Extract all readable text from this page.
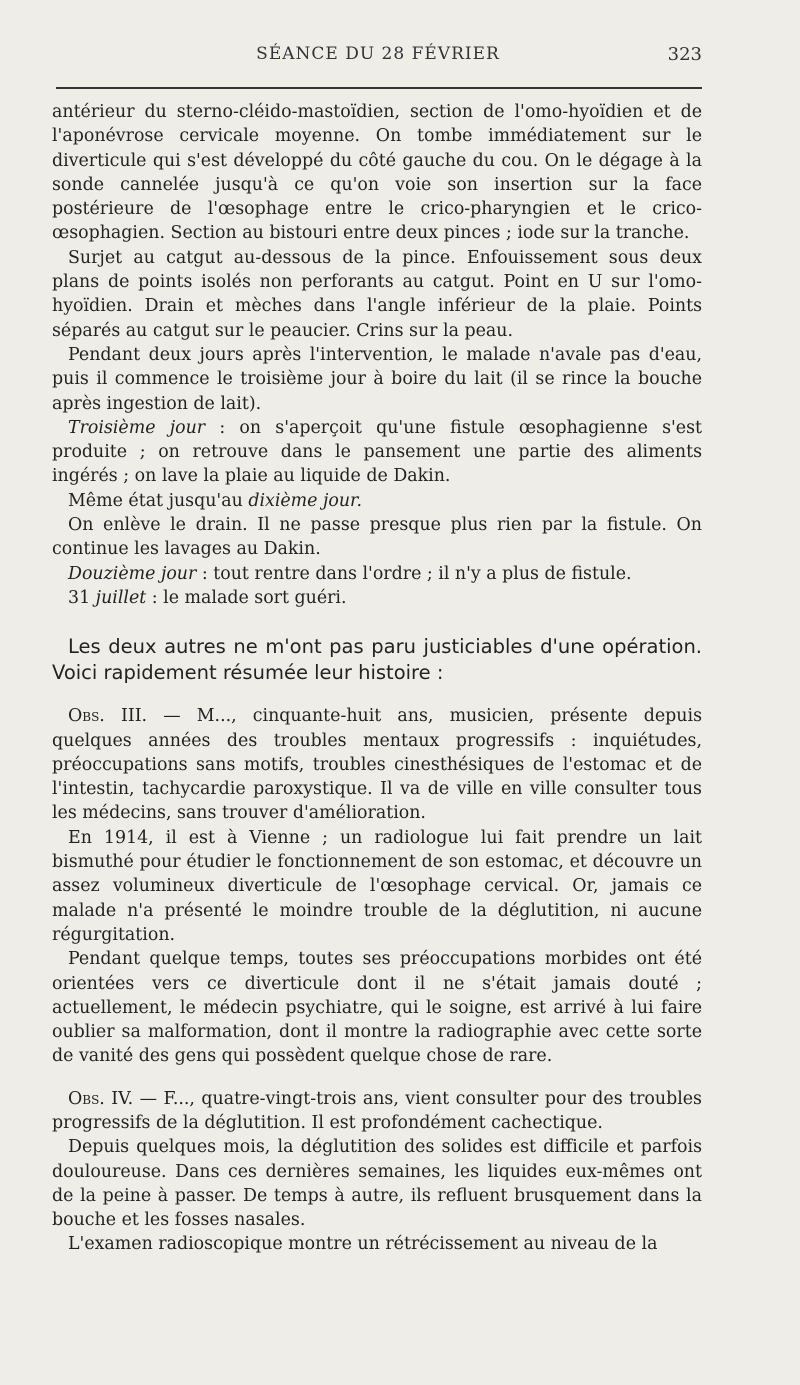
SÉANCE DU 28 FÉVRIER	323

antérieur du sterno-cléido-mastoïdien, section de l'omo-hyoïdien et de l'aponévrose cervicale moyenne. On tombe immédiatement sur le diverticule qui s'est développé du côté gauche du cou. On le dégage à la sonde cannelée jusqu'à ce qu'on voie son insertion sur la face postérieure de l'œsophage entre le crico-pharyngien et le crico-œsophagien. Section au bistouri entre deux pinces ; iode sur la tranche.

Surjet au catgut au-dessous de la pince. Enfouissement sous deux plans de points isolés non perforants au catgut. Point en U sur l'omo-hyoïdien. Drain et mèches dans l'angle inférieur de la plaie. Points séparés au catgut sur le peaucier. Crins sur la peau.

Pendant deux jours après l'intervention, le malade n'avale pas d'eau, puis il commence le troisième jour à boire du lait (il se rince la bouche après ingestion de lait).

Troisième jour : on s'aperçoit qu'une fistule œsophagienne s'est produite ; on retrouve dans le pansement une partie des aliments ingérés ; on lave la plaie au liquide de Dakin.

Même état jusqu'au dixième jour.

On enlève le drain. Il ne passe presque plus rien par la fistule. On continue les lavages au Dakin.

Douzième jour : tout rentre dans l'ordre ; il n'y a plus de fistule.

31 juillet : le malade sort guéri.

Les deux autres ne m'ont pas paru justiciables d'une opération. Voici rapidement résumée leur histoire :

Obs. III. — M..., cinquante-huit ans, musicien, présente depuis quelques années des troubles mentaux progressifs : inquiétudes, préoccupations sans motifs, troubles cinesthésiques de l'estomac et de l'intestin, tachycardie paroxystique. Il va de ville en ville consulter tous les médecins, sans trouver d'amélioration.

En 1914, il est à Vienne ; un radiologue lui fait prendre un lait bismuthé pour étudier le fonctionnement de son estomac, et découvre un assez volumineux diverticule de l'œsophage cervical. Or, jamais ce malade n'a présenté le moindre trouble de la déglutition, ni aucune régurgitation.

Pendant quelque temps, toutes ses préoccupations morbides ont été orientées vers ce diverticule dont il ne s'était jamais douté ; actuellement, le médecin psychiatre, qui le soigne, est arrivé à lui faire oublier sa malformation, dont il montre la radiographie avec cette sorte de vanité des gens qui possèdent quelque chose de rare.

Obs. IV. — F..., quatre-vingt-trois ans, vient consulter pour des troubles progressifs de la déglutition. Il est profondément cachectique.

Depuis quelques mois, la déglutition des solides est difficile et parfois douloureuse. Dans ces dernières semaines, les liquides eux-mêmes ont de la peine à passer. De temps à autre, ils refluent brusquement dans la bouche et les fosses nasales.

L'examen radioscopique montre un rétrécissement au niveau de la
